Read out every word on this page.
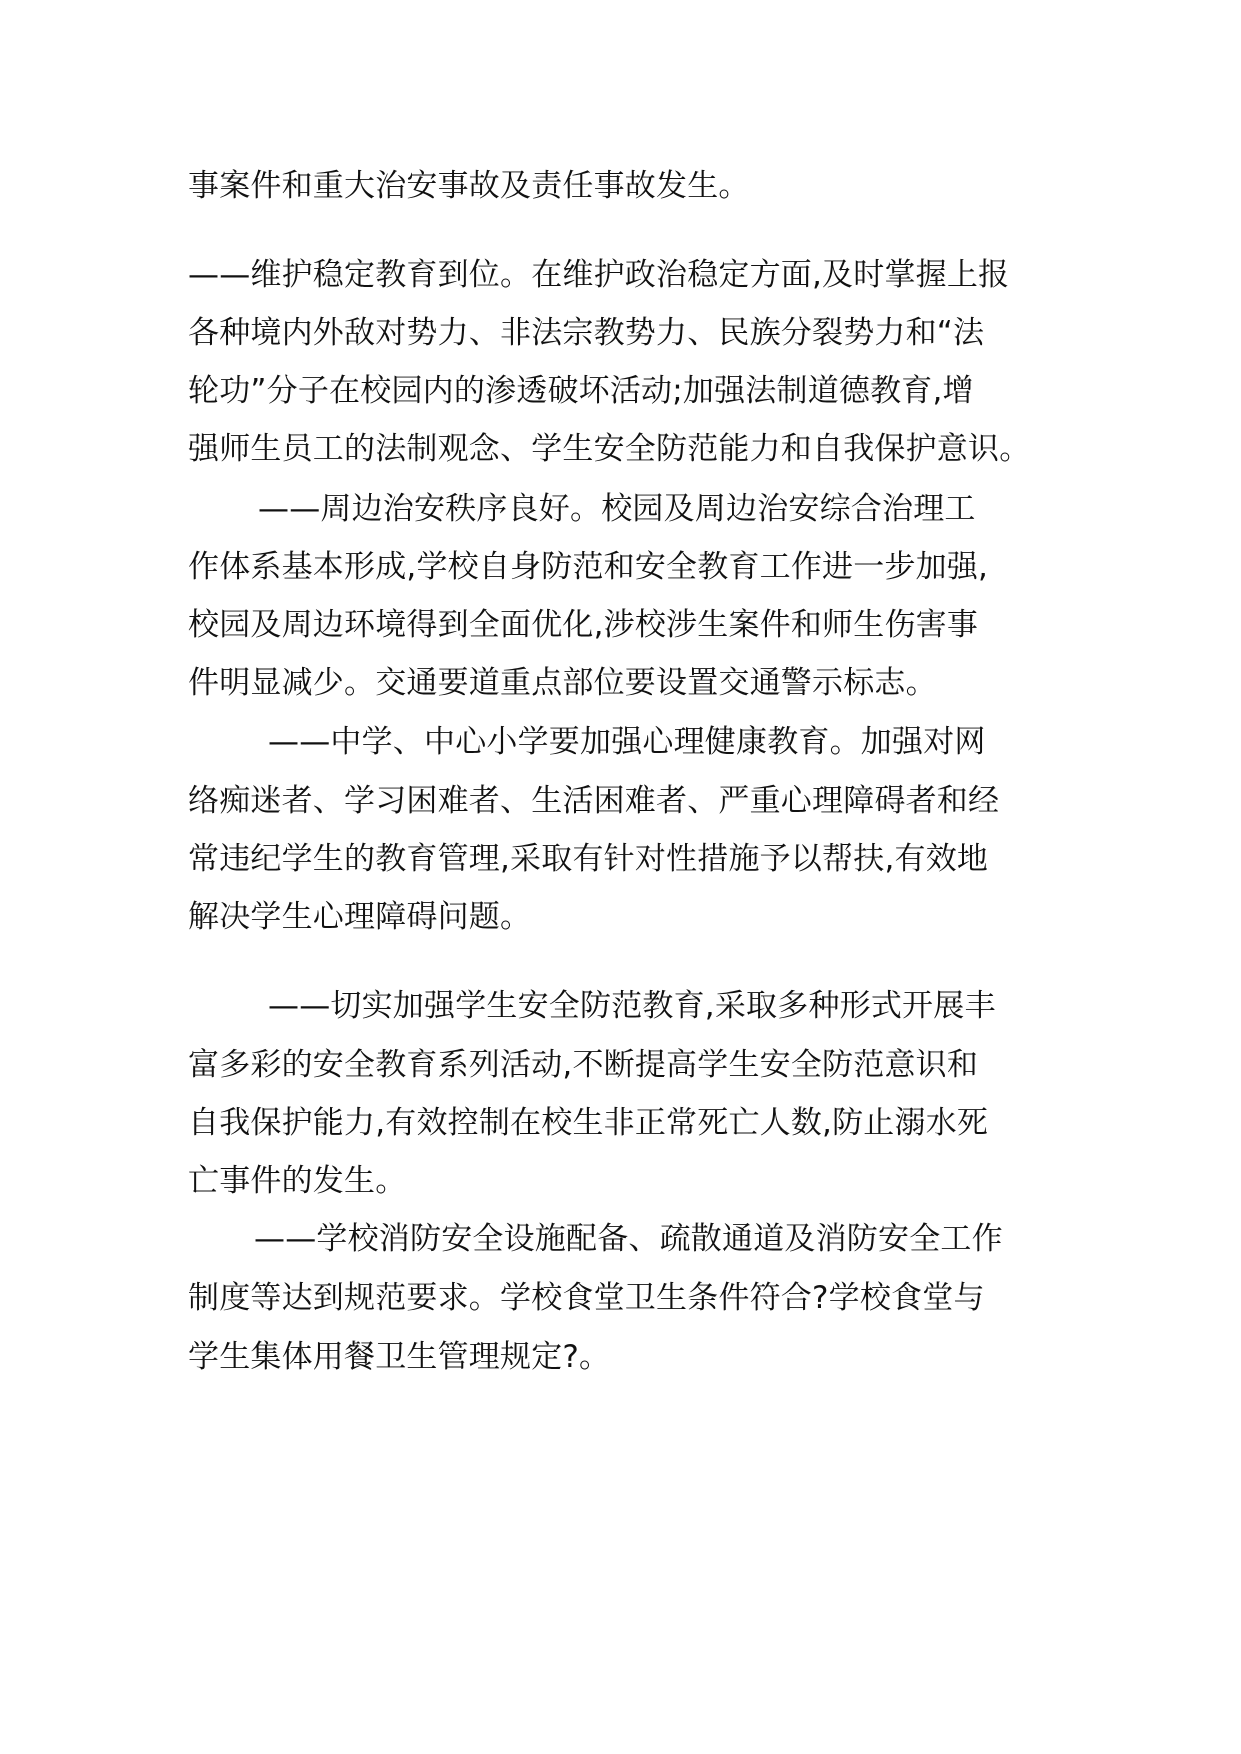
事案件和重大治安事故及责任事故发生。
——维护稳定教育到位。在维护政治稳定方面,及时掌握上报
各种境内外敌对势力、非法宗教势力、民族分裂势力和“法
轮功”分子在校园内的渗透破坏活动;加强法制道德教育,增
强师生员工的法制观念、学生安全防范能力和自我保护意识。
——周边治安秩序良好。校园及周边治安综合治理工
作体系基本形成,学校自身防范和安全教育工作进一步加强,
校园及周边环境得到全面优化,涉校涉生案件和师生伤害事
件明显减少。交通要道重点部位要设置交通警示标志。
——中学、中心小学要加强心理健康教育。加强对网
络痴迷者、学习困难者、生活困难者、严重心理障碍者和经
常违纪学生的教育管理,采取有针对性措施予以帮扶,有效地
解决学生心理障碍问题。
——切实加强学生安全防范教育,采取多种形式开展丰
富多彩的安全教育系列活动,不断提高学生安全防范意识和
自我保护能力,有效控制在校生非正常死亡人数,防止溺水死
亡事件的发生。
——学校消防安全设施配备、疏散通道及消防安全工作
制度等达到规范要求。学校食堂卫生条件符合?学校食堂与
学生集体用餐卫生管理规定?。
